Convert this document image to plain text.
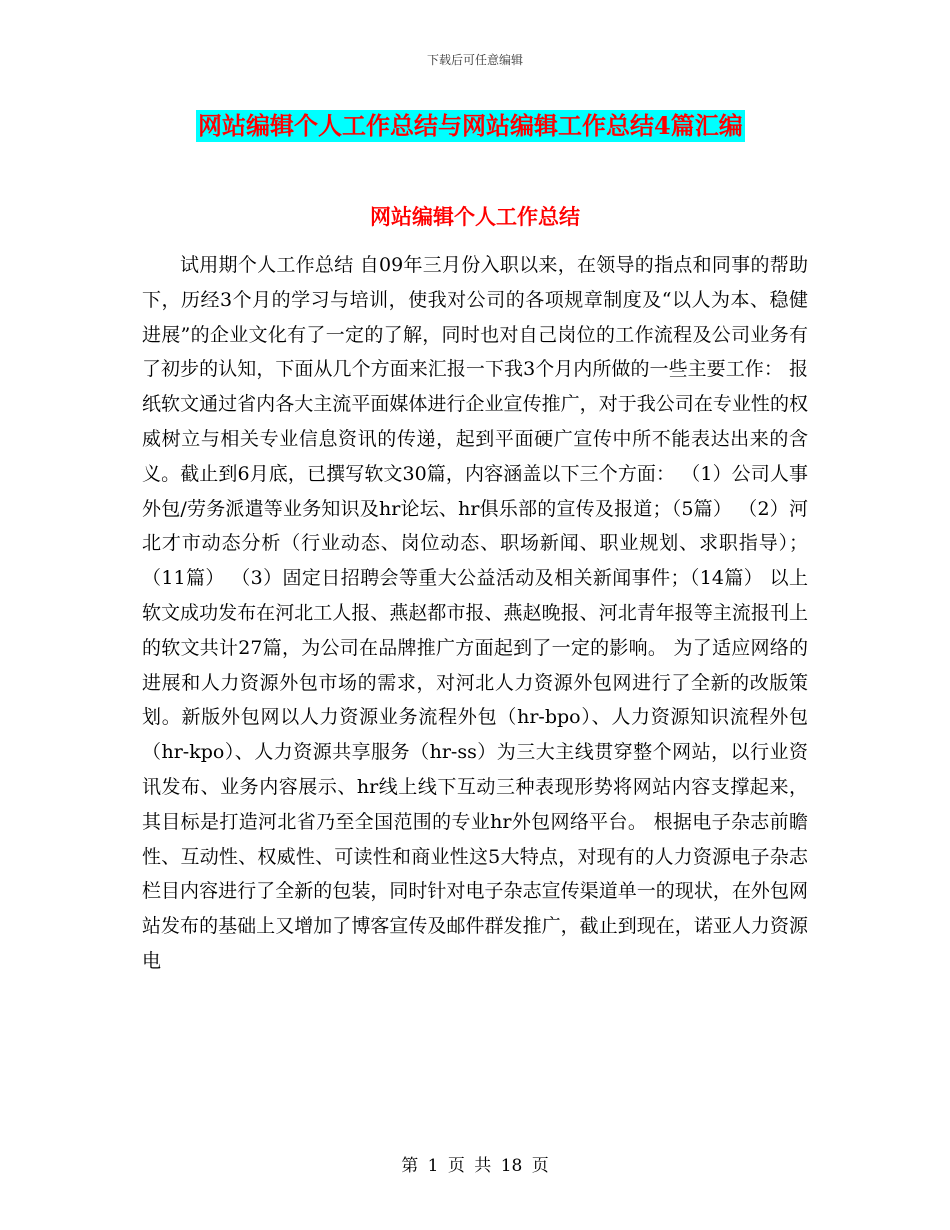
下载后可任意编辑
网站编辑个人工作总结与网站编辑工作总结4篇汇编
网站编辑个人工作总结

试用期个人工作总结 自09年三月份入职以来，在领导的指点和同事的帮助下，历经3个月的学习与培训，使我对公司的各项规章制度及“以人为本、稳健进展”的企业文化有了一定的了解，同时也对自己岗位的工作流程及公司业务有了初步的认知，下面从几个方面来汇报一下我3个月内所做的一些主要工作： 报纸软文通过省内各大主流平面媒体进行企业宣传推广，对于我公司在专业性的权威树立与相关专业信息资讯的传递，起到平面硬广宣传中所不能表达出来的含义。截止到6月底，已撰写软文30篇，内容涵盖以下三个方面： （1）公司人事外包/劳务派遣等业务知识及hr论坛、hr俱乐部的宣传及报道；（5篇） （2）河北才市动态分析（行业动态、岗位动态、职场新闻、职业规划、求职指导）； （11篇） （3）固定日招聘会等重大公益活动及相关新闻事件；（14篇） 以上软文成功发布在河北工人报、燕赵都市报、燕赵晚报、河北青年报等主流报刊上的软文共计27篇，为公司在品牌推广方面起到了一定的影响。 为了适应网络的进展和人力资源外包市场的需求，对河北人力资源外包网进行了全新的改版策划。新版外包网以人力资源业务流程外包（hr-bpo）、人力资源知识流程外包（hr-kpo）、人力资源共享服务（hr-ss）为三大主线贯穿整个网站，以行业资讯发布、业务内容展示、hr线上线下互动三种表现形势将网站内容支撑起来，其目标是打造河北省乃至全国范围的专业hr外包网络平台。 根据电子杂志前瞻性、互动性、权威性、可读性和商业性这5大特点，对现有的人力资源电子杂志栏目内容进行了全新的包装，同时针对电子杂志宣传渠道单一的现状，在外包网站发布的基础上又增加了博客宣传及邮件群发推广，截止到现在，诺亚人力资源电

第 1 页 共 18 页
